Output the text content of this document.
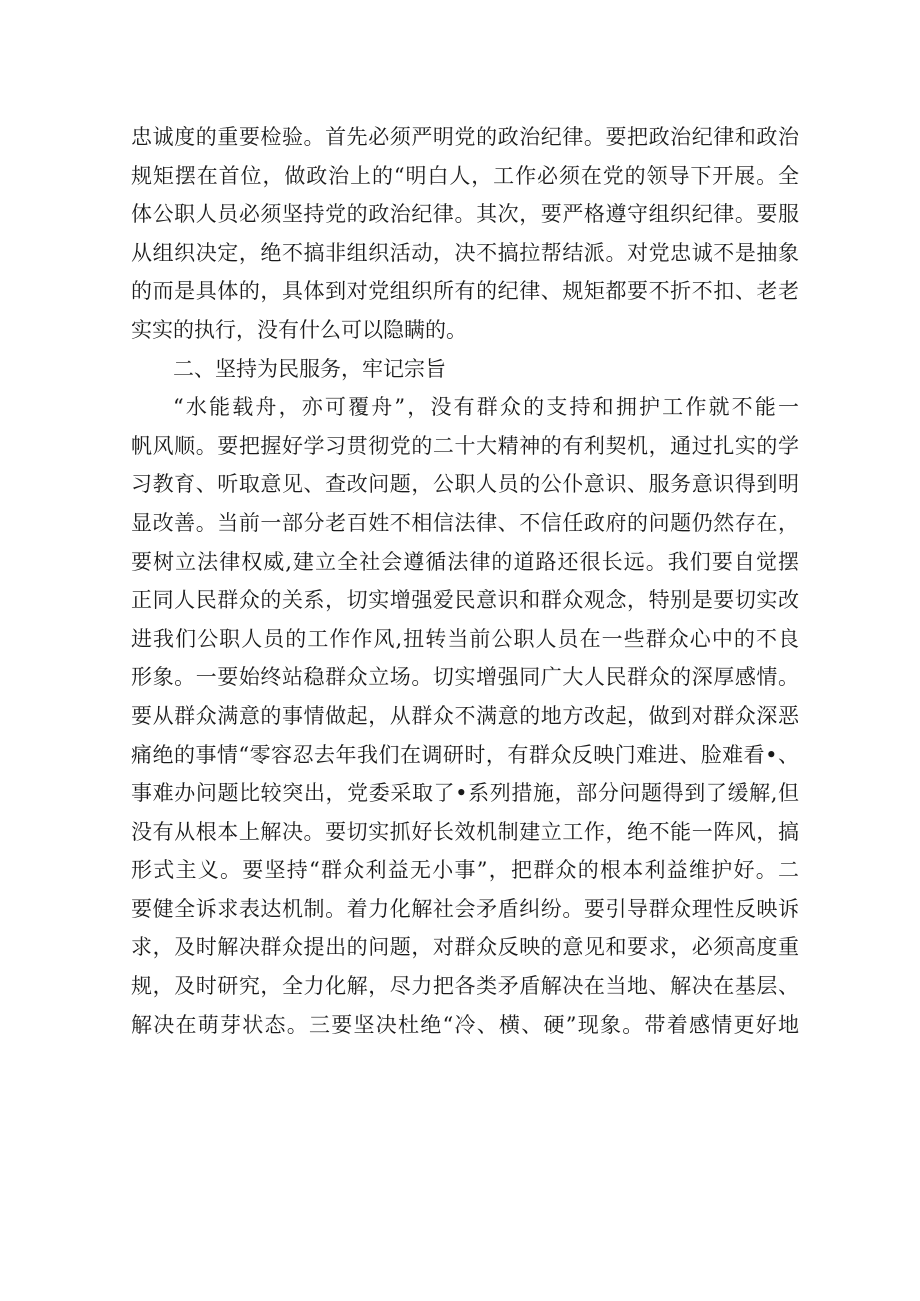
忠诚度的重要检验。首先必须严明党的政治纪律。要把政治纪律和政治
规矩摆在首位，做政治上的“明白人，工作必须在党的领导下开展。全
体公职人员必须坚持党的政治纪律。其次，要严格遵守组织纪律。要服
从组织决定，绝不搞非组织活动，决不搞拉帮结派。对党忠诚不是抽象
的而是具体的，具体到对党组织所有的纪律、规矩都要不折不扣、老老
实实的执行，没有什么可以隐瞒的。
二、坚持为民服务，牢记宗旨
“水能载舟，亦可覆舟”，没有群众的支持和拥护工作就不能一
帆风顺。要把握好学习贯彻党的二十大精神的有利契机，通过扎实的学
习教育、听取意见、查改问题，公职人员的公仆意识、服务意识得到明
显改善。当前一部分老百姓不相信法律、不信任政府的问题仍然存在，
要树立法律权威,建立全社会遵循法律的道路还很长远。我们要自觉摆
正同人民群众的关系，切实增强爱民意识和群众观念，特别是要切实改
进我们公职人员的工作作风,扭转当前公职人员在一些群众心中的不良
形象。一要始终站稳群众立场。切实增强同广大人民群众的深厚感情。
要从群众满意的事情做起，从群众不满意的地方改起，做到对群众深恶
痛绝的事情“零容忍去年我们在调研时，有群众反映门难进、脸难看•、
事难办问题比较突出，党委采取了•系列措施，部分问题得到了缓解,但
没有从根本上解决。要切实抓好长效机制建立工作，绝不能一阵风，搞
形式主义。要坚持“群众利益无小事”，把群众的根本利益维护好。二
要健全诉求表达机制。着力化解社会矛盾纠纷。要引导群众理性反映诉
求，及时解决群众提出的问题，对群众反映的意见和要求，必须高度重
规，及时研究，全力化解，尽力把各类矛盾解决在当地、解决在基层、
解决在萌芽状态。三要坚决杜绝“冷、横、硬”现象。带着感情更好地
